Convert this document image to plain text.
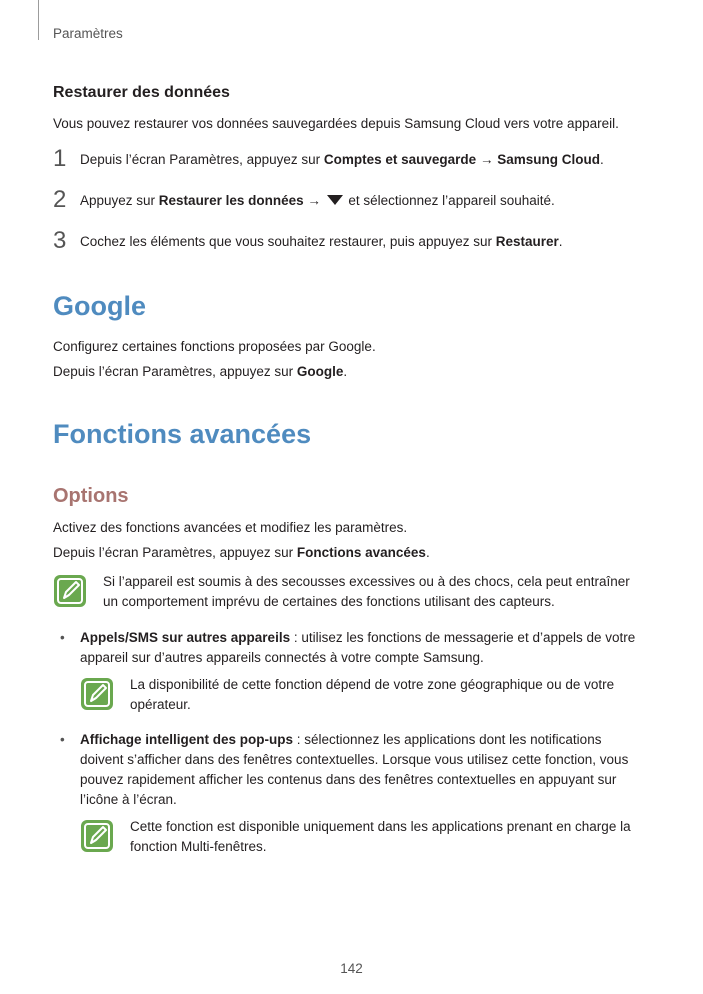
Paramètres
Restaurer des données
Vous pouvez restaurer vos données sauvegardées depuis Samsung Cloud vers votre appareil.
1	Depuis l’écran Paramètres, appuyez sur Comptes et sauvegarde → Samsung Cloud.
2	Appuyez sur Restaurer les données →  et sélectionnez l’appareil souhaité.
3	Cochez les éléments que vous souhaitez restaurer, puis appuyez sur Restaurer.
Google
Configurez certaines fonctions proposées par Google.
Depuis l’écran Paramètres, appuyez sur Google.
Fonctions avancées
Options
Activez des fonctions avancées et modifiez les paramètres.
Depuis l’écran Paramètres, appuyez sur Fonctions avancées.
Si l’appareil est soumis à des secousses excessives ou à des chocs, cela peut entraîner un comportement imprévu de certaines des fonctions utilisant des capteurs.
•	Appels/SMS sur autres appareils : utilisez les fonctions de messagerie et d’appels de votre appareil sur d’autres appareils connectés à votre compte Samsung.
La disponibilité de cette fonction dépend de votre zone géographique ou de votre opérateur.
•	Affichage intelligent des pop-ups : sélectionnez les applications dont les notifications doivent s’afficher dans des fenêtres contextuelles. Lorsque vous utilisez cette fonction, vous pouvez rapidement afficher les contenus dans des fenêtres contextuelles en appuyant sur l’icône à l’écran.
Cette fonction est disponible uniquement dans les applications prenant en charge la fonction Multi-fenêtres.
142
